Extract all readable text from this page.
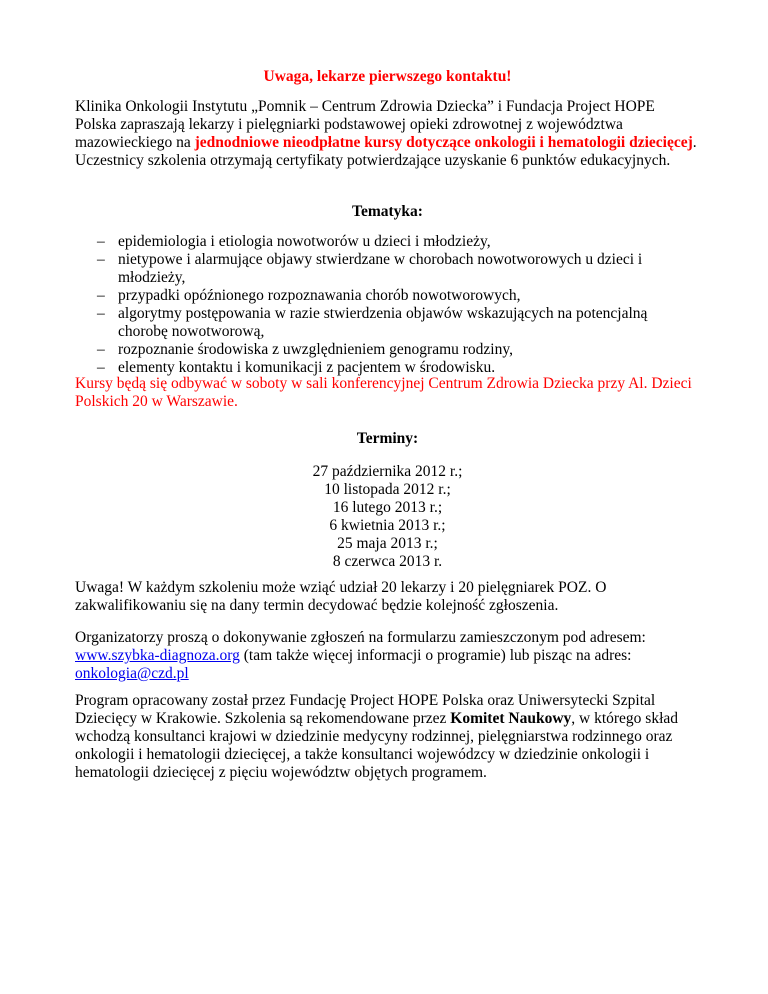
Uwaga, lekarze pierwszego kontaktu!

Klinika Onkologii Instytutu „Pomnik – Centrum Zdrowia Dziecka” i Fundacja Project HOPE Polska zapraszają lekarzy i pielęgniarki podstawowej opieki zdrowotnej z województwa mazowieckiego na jednodniowe nieodpłatne kursy dotyczące onkologii i hematologii dziecięcej. Uczestnicy szkolenia otrzymają certyfikaty potwierdzające uzyskanie 6 punktów edukacyjnych.

Tematyka:

– epidemiologia i etiologia nowotworów u dzieci i młodzieży,
– nietypowe i alarmujące objawy stwierdzane w chorobach nowotworowych u dzieci i młodzieży,
– przypadki opóźnionego rozpoznawania chorób nowotworowych,
– algorytmy postępowania w razie stwierdzenia objawów wskazujących na potencjalną chorobę nowotworową,
– rozpoznanie środowiska z uwzględnieniem genogramu rodziny,
– elementy kontaktu i komunikacji z pacjentem w środowisku.

Kursy będą się odbywać w soboty w sali konferencyjnej Centrum Zdrowia Dziecka przy Al. Dzieci Polskich 20 w Warszawie.

Terminy:

27 października 2012 r.;
10 listopada 2012 r.;
16 lutego 2013 r.;
6 kwietnia 2013 r.;
25 maja 2013 r.;
8 czerwca 2013 r.

Uwaga! W każdym szkoleniu może wziąć udział 20 lekarzy i 20 pielęgniarek POZ. O zakwalifikowaniu się na dany termin decydować będzie kolejność zgłoszenia.

Organizatorzy proszą o dokonywanie zgłoszeń na formularzu zamieszczonym pod adresem: www.szybka-diagnoza.org (tam także więcej informacji o programie) lub pisząc na adres: onkologia@czd.pl

Program opracowany został przez Fundację Project HOPE Polska oraz Uniwersytecki Szpital Dziecięcy w Krakowie. Szkolenia są rekomendowane przez Komitet Naukowy, w którego skład wchodzą konsultanci krajowi w dziedzinie medycyny rodzinnej, pielęgniarstwa rodzinnego oraz onkologii i hematologii dziecięcej, a także konsultanci wojewódzcy w dziedzinie onkologii i hematologii dziecięcej z pięciu województw objętych programem.
